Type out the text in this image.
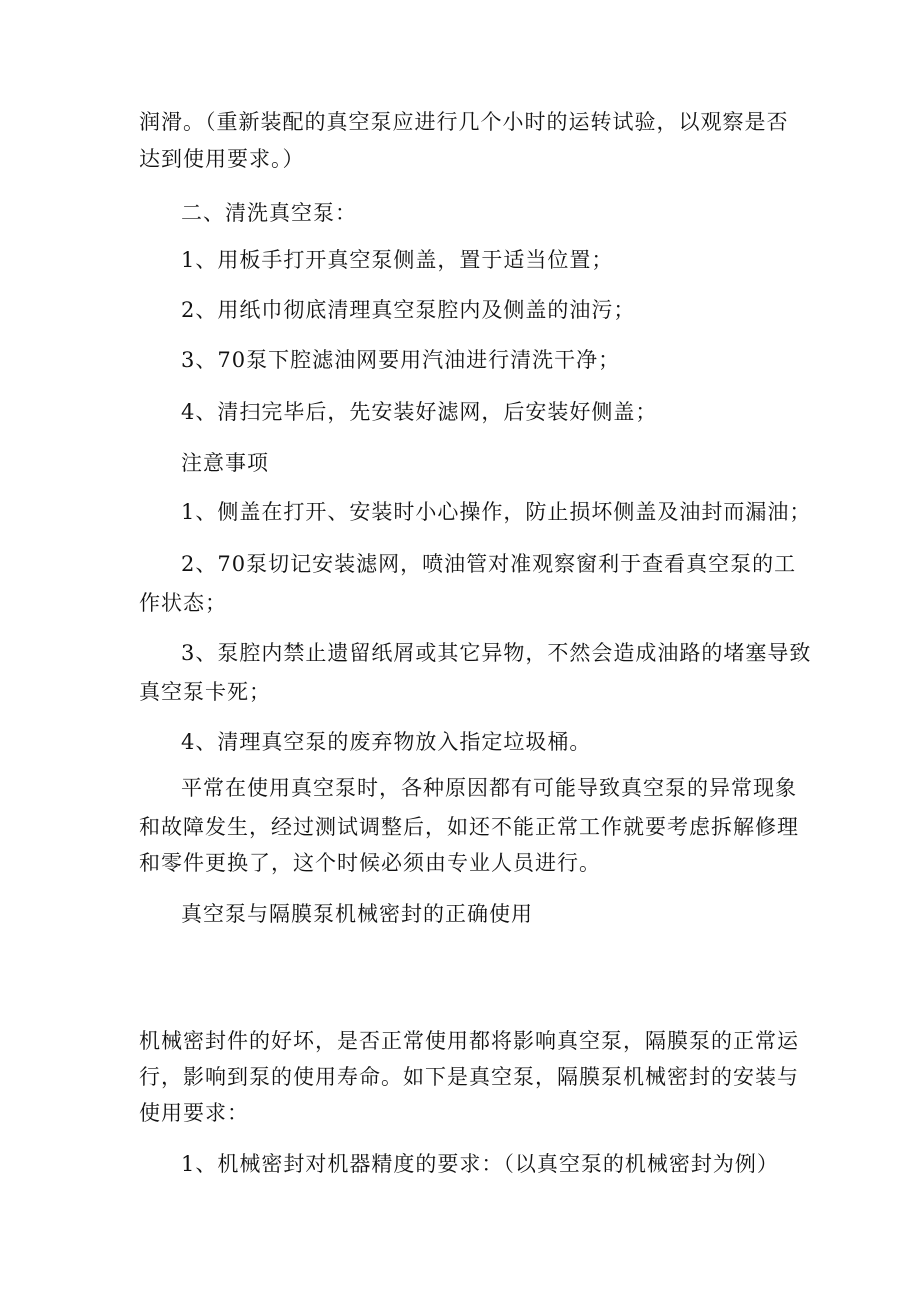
润滑。（重新装配的真空泵应进行几个小时的运转试验，以观察是否
达到使用要求。）
二、清洗真空泵：
1、用板手打开真空泵侧盖，置于适当位置；
2、用纸巾彻底清理真空泵腔内及侧盖的油污；
3、70泵下腔滤油网要用汽油进行清洗干净；
4、清扫完毕后，先安装好滤网，后安装好侧盖；
注意事项
1、侧盖在打开、安装时小心操作，防止损坏侧盖及油封而漏油；
2、70泵切记安装滤网，喷油管对准观察窗利于查看真空泵的工
作状态；
3、泵腔内禁止遗留纸屑或其它异物，不然会造成油路的堵塞导致
真空泵卡死；
4、清理真空泵的废弃物放入指定垃圾桶。
平常在使用真空泵时，各种原因都有可能导致真空泵的异常现象
和故障发生，经过测试调整后，如还不能正常工作就要考虑拆解修理
和零件更换了，这个时候必须由专业人员进行。
真空泵与隔膜泵机械密封的正确使用
机械密封件的好坏，是否正常使用都将影响真空泵，隔膜泵的正常运
行，影响到泵的使用寿命。如下是真空泵，隔膜泵机械密封的安装与
使用要求：
1、机械密封对机器精度的要求：（以真空泵的机械密封为例）
